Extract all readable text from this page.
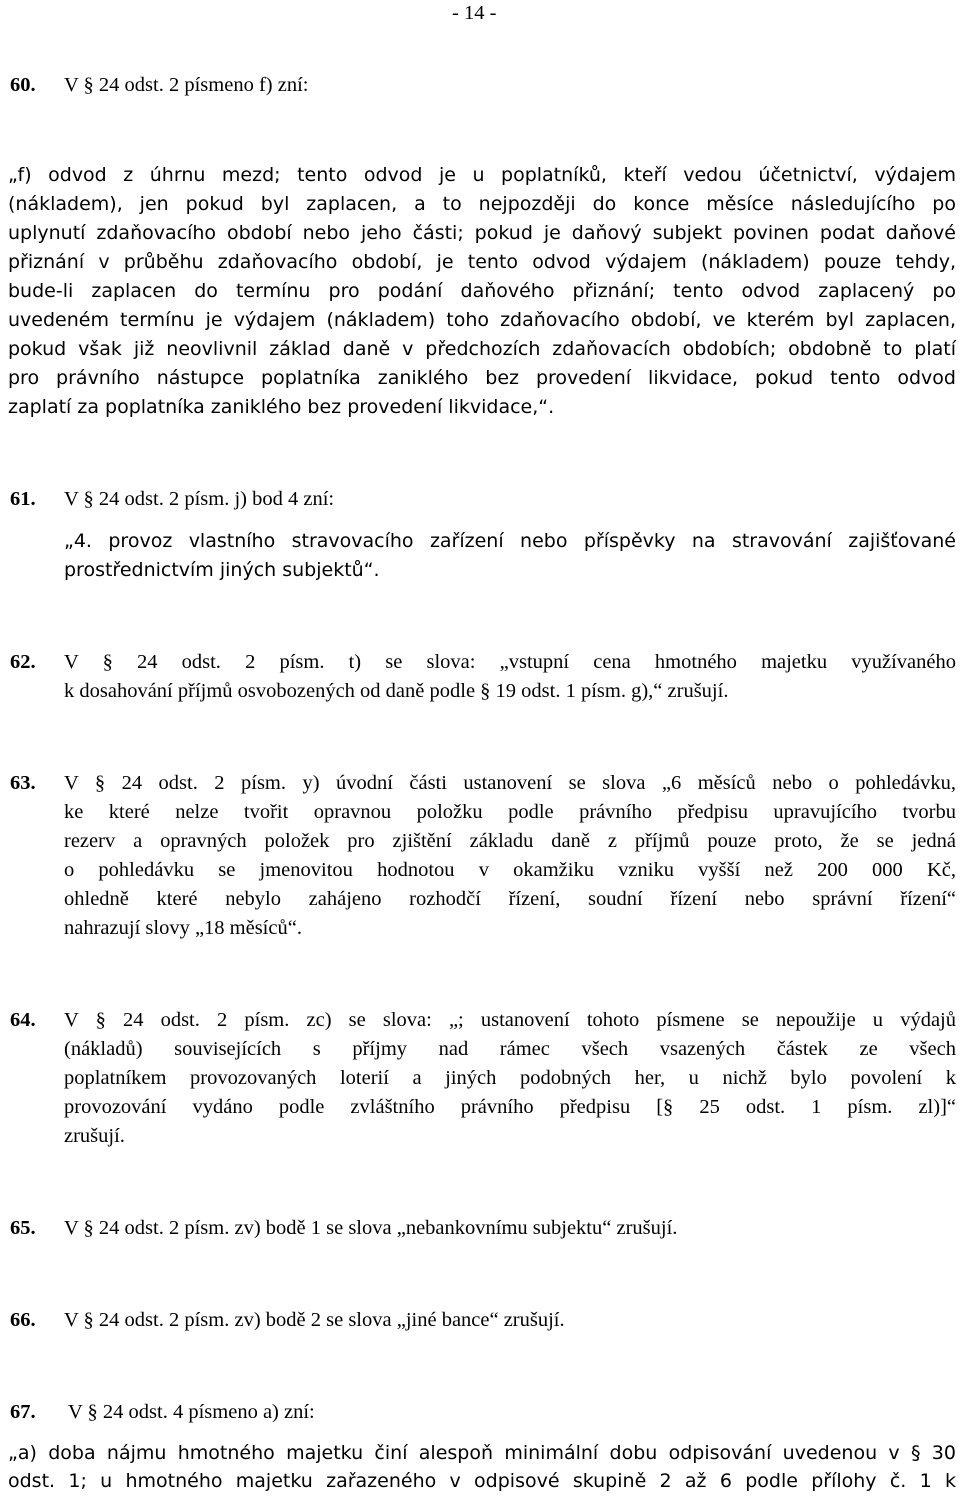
- 14 -
60. V § 24 odst. 2 písmeno f) zní:
„f) odvod z úhrnu mezd; tento odvod je u poplatníků, kteří vedou účetnictví, výdajem
(nákladem), jen pokud byl zaplacen, a to nejpozději do konce měsíce následujícího po
uplynutí zdaňovacího období nebo jeho části; pokud je daňový subjekt povinen podat daňové
přiznání v průběhu zdaňovacího období, je tento odvod výdajem (nákladem) pouze tehdy,
bude-li zaplacen do termínu pro podání daňového přiznání; tento odvod zaplacený po
uvedeném termínu je výdajem (nákladem) toho zdaňovacího období, ve kterém byl zaplacen,
pokud však již neovlivnil základ daně v předchozích zdaňovacích obdobích; obdobně to platí
pro právního nástupce poplatníka zaniklého bez provedení likvidace, pokud tento odvod
zaplatí za poplatníka zaniklého bez provedení likvidace,“.
61. V § 24 odst. 2 písm. j) bod 4 zní:
„4. provoz vlastního stravovacího zařízení nebo příspěvky na stravování zajišťované
prostřednictvím jiných subjektů“.
62.	V § 24 odst. 2 písm. t) se slova: „vstupní cena hmotného majetku využívaného
k dosahování příjmů osvobozených od daně podle § 19 odst. 1 písm. g),“ zrušují.
63.	V § 24 odst. 2 písm. y) úvodní části ustanovení se slova „6 měsíců nebo o pohledávku,
ke které nelze tvořit opravnou položku podle právního předpisu upravujícího tvorbu
rezerv a opravných položek pro zjištění základu daně z příjmů pouze proto, že se jedná
o pohledávku se jmenovitou hodnotou v okamžiku vzniku vyšší než 200 000 Kč,
ohledně které nebylo zahájeno rozhodčí řízení, soudní řízení nebo správní řízení“
nahrazují slovy „18 měsíců“.
64.	V § 24 odst. 2 písm. zc) se slova: „; ustanovení tohoto písmene se nepoužije u výdajů
(nákladů) souvisejících s příjmy nad rámec všech vsazených částek ze všech
poplatníkem provozovaných loterií a jiných podobných her, u nichž bylo povolení k
provozování vydáno podle zvláštního právního předpisu [§ 25 odst. 1 písm. zl)]“
zrušují.
65. V § 24 odst. 2 písm. zv) bodě 1 se slova „nebankovnímu subjektu“ zrušují.
66. V § 24 odst. 2 písm. zv) bodě 2 se slova „jiné bance“ zrušují.
67. V § 24 odst. 4 písmeno a) zní:
„a) doba nájmu hmotného majetku činí alespoň minimální dobu odpisování uvedenou v § 30
odst. 1; u hmotného majetku zařazeného v odpisové skupině 2 až 6 podle přílohy č. 1 k
